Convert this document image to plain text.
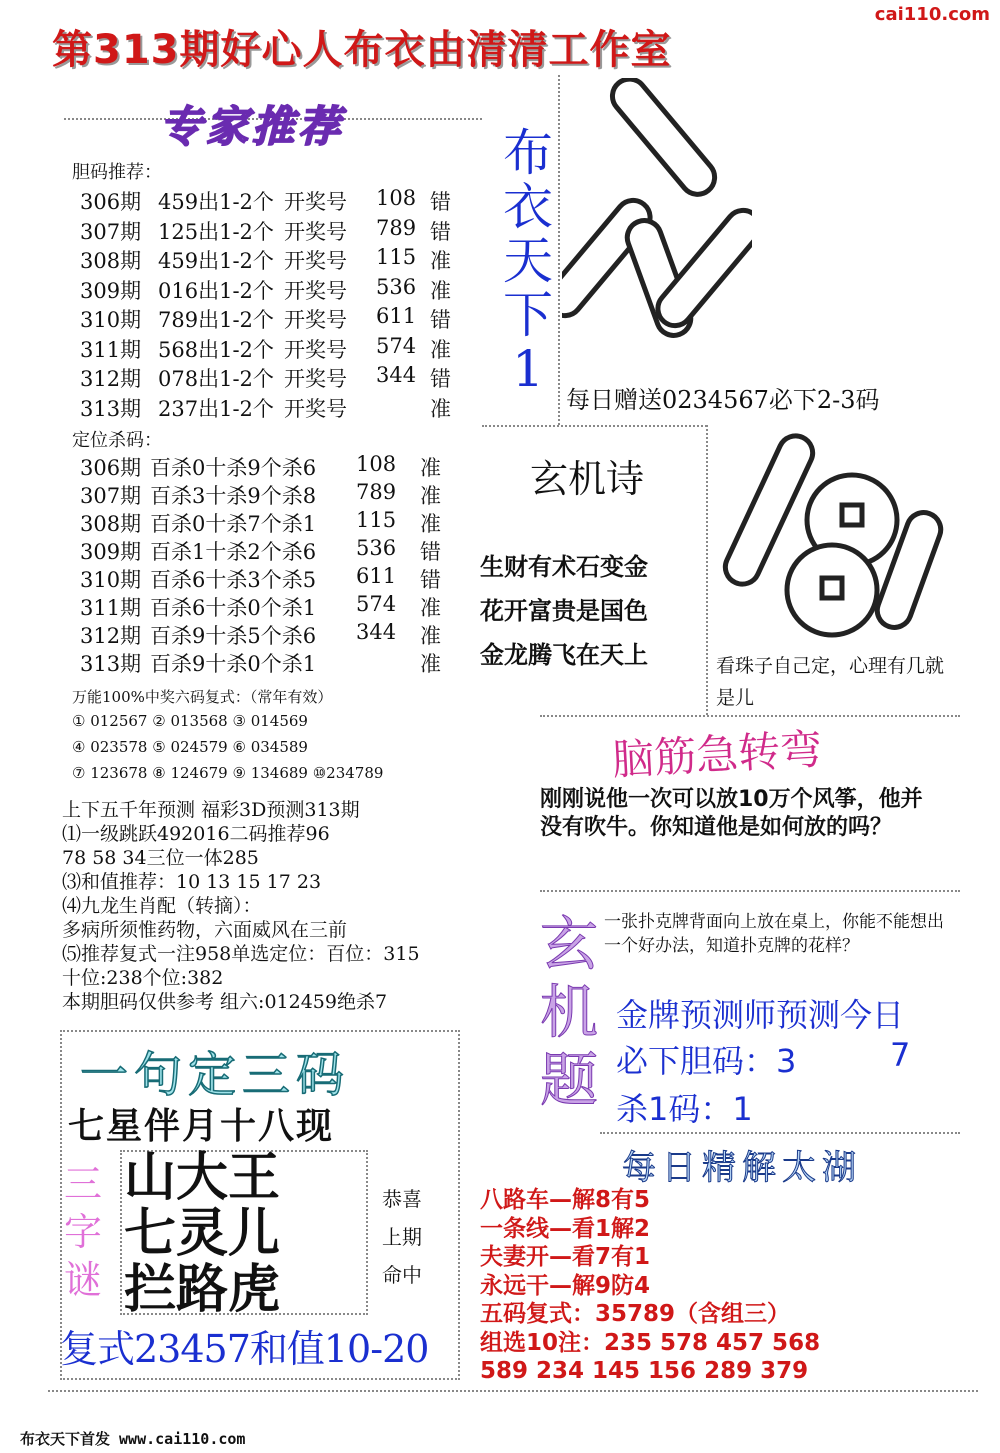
第313期好心人布衣由清清工作室
cai110.com
专家推荐
胆码推荐：
306期 459出1-2个 开奖号 108 错
307期 125出1-2个 开奖号 789 错
308期 459出1-2个 开奖号 115 准
309期 016出1-2个 开奖号 536 准
310期 789出1-2个 开奖号 611 错
311期 568出1-2个 开奖号 574 准
312期 078出1-2个 开奖号 344 错
313期 237出1-2个 开奖号	准
定位杀码：
306期 百杀0十杀9个杀6 108 准
307期 百杀3十杀9个杀8 789 准
308期 百杀0十杀7个杀1 115 准
309期 百杀1十杀2个杀6 536 错
310期 百杀6十杀3个杀5 611 错
311期 百杀6十杀0个杀1 574 准
312期 百杀9十杀5个杀6 344 准
313期 百杀9十杀0个杀1	准
万能100%中奖六码复式：（常年有效）
① 012567 ② 013568 ③ 014569
④ 023578 ⑤ 024579 ⑥ 034589
⑦ 123678 ⑧ 124679 ⑨ 134689 ⑩234789
上下五千年预测 福彩3D预测313期
⑴一级跳跃492016二码推荐96
78 58 34三位一体285
⑶和值推荐：10 13 15 17 23
⑷九龙生肖配（转摘）：
多病所须惟药物，六面威风在三前
⑸推荐复式一注958单选定位：百位：315
十位:238个位:382
本期胆码仅供参考 组六:012459绝杀7
布
衣
天
下
1
每日赠送0234567必下2-3码
玄机诗
生财有术石变金
花开富贵是国色
金龙腾飞在天上	看珠子自己定，心理有几就是儿
脑筋急转弯
刚刚说他一次可以放10万个风筝，他并没有吹牛。你知道他是如何放的吗？
玄
机
题
一张扑克牌背面向上放在桌上，你能不能想出一个好办法，知道扑克牌的花样？
金牌预测师预测今日
必下胆码：3	7
杀1码：1
一句定三码
七星伴月十八现
三
字
谜
山大王
七灵儿
拦路虎
恭喜
上期
命中
复式23457和值10-20
每日精解太湖
八路车—解8有5
一条线—看1解2
夫妻开—看7有1
永远干—解9防4
五码复式：35789（含组三）
组选10注：235 578 457 568
589 234 145 156 289 379
布衣天下首发 www.cai110.com
